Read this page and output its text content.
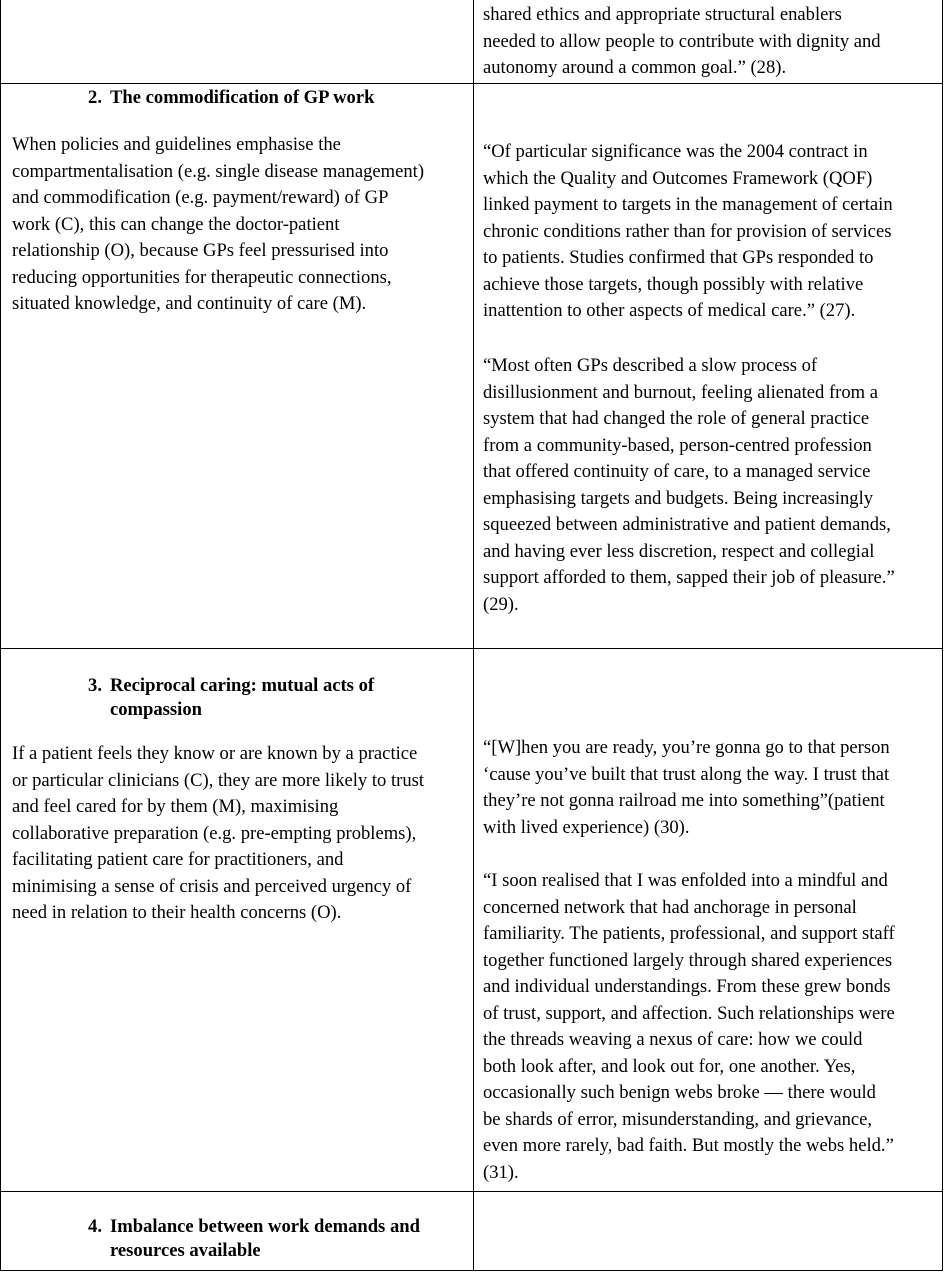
shared ethics and appropriate structural enablers
needed to allow people to contribute with dignity and
autonomy around a common goal.” (28).
2. The commodification of GP work
When policies and guidelines emphasise the
compartmentalisation (e.g. single disease management)
and commodification (e.g. payment/reward) of GP
work (C), this can change the doctor-patient
relationship (O), because GPs feel pressurised into
reducing opportunities for therapeutic connections,
situated knowledge, and continuity of care (M).
“Of particular significance was the 2004 contract in
which the Quality and Outcomes Framework (QOF)
linked payment to targets in the management of certain
chronic conditions rather than for provision of services
to patients. Studies confirmed that GPs responded to
achieve those targets, though possibly with relative
inattention to other aspects of medical care.” (27).
“Most often GPs described a slow process of
disillusionment and burnout, feeling alienated from a
system that had changed the role of general practice
from a community-based, person-centred profession
that offered continuity of care, to a managed service
emphasising targets and budgets. Being increasingly
squeezed between administrative and patient demands,
and having ever less discretion, respect and collegial
support afforded to them, sapped their job of pleasure.”
(29).
3. Reciprocal caring: mutual acts of
compassion
If a patient feels they know or are known by a practice
or particular clinicians (C), they are more likely to trust
and feel cared for by them (M), maximising
collaborative preparation (e.g. pre-empting problems),
facilitating patient care for practitioners, and
minimising a sense of crisis and perceived urgency of
need in relation to their health concerns (O).
“[W]hen you are ready, you’re gonna go to that person
‘cause you’ve built that trust along the way. I trust that
they’re not gonna railroad me into something”(patient
with lived experience) (30).
“I soon realised that I was enfolded into a mindful and
concerned network that had anchorage in personal
familiarity. The patients, professional, and support staff
together functioned largely through shared experiences
and individual understandings. From these grew bonds
of trust, support, and affection. Such relationships were
the threads weaving a nexus of care: how we could
both look after, and look out for, one another. Yes,
occasionally such benign webs broke — there would
be shards of error, misunderstanding, and grievance,
even more rarely, bad faith. But mostly the webs held.”
(31).
4. Imbalance between work demands and
resources available
